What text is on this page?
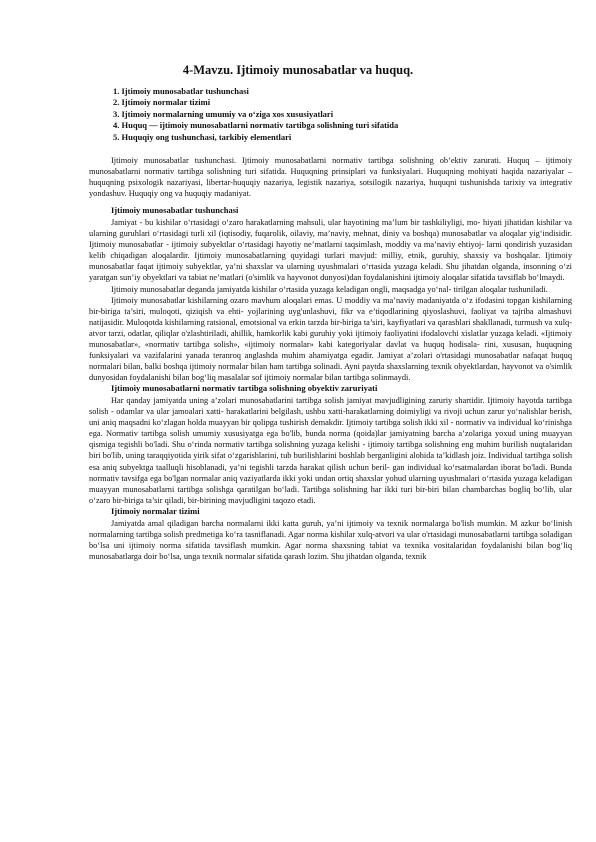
4-Mavzu. Ijtimoiy munosabatlar va huquq.
1. Ijtimoiy munosabatlar tushunchasi
2. Ijtimoiy normalar tizimi
3. Ijtimoiy normalarning umumiy va o‘ziga xos xususiyatlari
4. Huquq — ijtimoiy munosabatlarni normativ tartibga solishning turi sifatida
5. Huquqiy ong tushunchasi, tarkibiy elementlari

Ijtimoiy munosabatlar tushunchasi. Ijtimoiy munosabatlarni normativ tartibga solishning ob’ektiv zarurati. Huquq – ijtimoiy munosabatlarni normativ tartibga solishning turi sifatida. Huquqning prinsiplari va funksiyalari. Huquqning mohiyati haqida nazariyalar – huquqning psixologik nazariyasi, libertar-huquqiy nazariya, legistik nazariya, sotsilogik nazariya, huquqni tushunishda tarixiy va integrativ yondashuv. Huquqiy ong va huquqiy madaniyat.

Ijtimoiy munosabatlar tushunchasi

Jamiyat - bu kishilar o‘rtasidagi o‘zaro harakatlarning mahsuli, ular hayotining ma’lum bir tashkiliyligi, mo- hiyati jihatidan kishilar va ularning guruhlari o‘rtasidagi turli xil (iqtisodiy, fuqarolik, oilaviy, ma’naviy, mehnat, diniy va boshqa) munosabatlar va aloqalar yig‘indisidir. Ijtimoiy munosabatlar - ijtimoiy subyektlar o‘rtasidagi hayotiy ne’matlarni taqsimlash, moddiy va ma’naviy ehtiyoj- larni qondirish yuzasidan kelib chiqadigan aloqalardir. Ijtimoiy munosabatlarning quyidagi turlari mavjud: milliy, etnik, guruhiy, shaxsiy va boshqalar. Ijtimoiy munosabatlar faqat ijtimoiy subyektlar, ya’ni shaxslar va ularning uyushmalari o‘rtasida yuzaga keladi. Shu jihatdan olganda, insonning o‘zi yaratgan sun’iy obyektlari va tabiat ne’matlari (o'simlik va hayvonot dunyosi)dan foydalanishini ijtimoiy aloqalar sifatida tavsiflab bo‘lmaydi.

Ijtimoiy munosabatlar deganda jamiyatda kishilar o‘rtasida yuzaga keladigan ongli, maqsadga yo‘nal- tirilgan aloqalar tushuniladi.

Ijtimoiy munosabatlar kishilarning ozaro mavhum aloqalari emas. U moddiy va ma’naviy madaniyatda o‘z ifodasini topgan kishilarning bir-biriga ta’siri, muloqoti, qiziqish va ehti- yojlarining uyg'unlashuvi, fikr va e’tiqodlarining qiyoslashuvi, faoliyat va tajriba almashuvi natijasidir. Muloqotda kishilarning ratsional, emotsional va erkin tarzda bir-biriga ta’siri, kayfiyatlari va qarashlari shakllanadi, turmush va xulq-atvor tarzi, odatlar, qiliqlar o'zlashtiriladi, ahillik, hamkorlik kabi guruhiy yoki ijtimoiy faoliyatini ifodalovchi xislatlar yuzaga keladi. «Ijtimoiy munosabatlar», «normativ tartibga solish», «ijtimoiy normalar» kabi kategoriyalar davlat va huquq hodisala- rini, xususan, huquqning funksiyalari va vazifalarini yanada teranroq anglashda muhim ahamiyatga egadir. Jamiyat a’zolari o'rtasidagi munosabatlar nafaqat huquq normalari bilan, balki boshqa ijtimoiy normalar bilan ham tartibga solinadi. Ayni paytda shaxslarning texnik obyektlardan, hayvonot va o'simlik dunyosidan foydalanishi bilan bog‘liq masalalar sof ijtimoiy normalar bilan tartibga solinmaydi.

Ijtimoiy munosabatlarni normativ tartibga solishning obyektiv zaruriyati

Har qanday jamiyatda uning a’zolari munosabatlarini tartibga solish jamiyat mavjudligining zaruriy shartidir. Ijtimoiy hayotda tartibga solish - odamlar va ular jamoalari xatti- harakatlarini belgilash, ushbu xatti-harakatlarning doimiyligi va rivoji uchun zarur yo‘nalishlar berish, uni aniq maqsadni ko‘zlagan holda muayyan bir qolipga tushirish demakdir. Ijtimoiy tartibga solish ikki xil - normativ va individual ko‘rinishga ega. Normativ tartibga solish umumiy xususiyatga ega bo'lib, bunda norma (qoida)lar jamiyatning barcha a’zolariga yoxud uning muayyan qismiga tegishli bo'ladi. Shu o‘rinda normativ tartibga solishning yuzaga kelishi - ijtimoiy tartibga solishning eng muhim burilish nuqtalaridan biri bo'lib, uning taraqqiyotida yirik sifat o‘zgarishlarini, tub burilishlarini boshlab berganligini alohida ta’kidlash joiz. Individual tartibga solish esa aniq subyektga taalluqli hisoblanadi, ya’ni tegishli tarzda harakat qilish uchun beril- gan individual ko‘rsatmalardan iborat bo'ladi. Bunda normativ tavsifga ega bo'lgan normalar aniq vaziyatlarda ikki yoki undan ortiq shaxslar yohud ularning uyushmalari o‘rtasida yuzaga keladigan muayyan munosabatlarni tartibga solishga qaratilgan bo‘ladi. Tartibga solishning har ikki turi bir-biri bilan chambarchas bogliq bo‘lib, ular o‘zaro bir-biriga ta’sir qiladi, bir-birining mavjudligini taqozo etadi.

Ijtimoiy normalar tizimi

Jamiyatda amal qiladigan barcha normalarni ikki katta guruh, ya’ni ijtimoiy va texnik normalarga bo'lish mumkin. M azkur bo‘linish normalarning tartibga solish predmetiga ko‘ra tasniflanadi. Agar norma kishilar xulq-atvori va ular o'rtasidagi munosabatlarni tartibga soladigan bo‘lsa uni ijtimoiy norma sifatida tavsiflash mumkin. Agar norma shaxsning tabiat va texnika vositalaridan foydalanishi bilan bog‘liq munosabatlarga doir bo‘lsa, unga texnik normalar sifatida qarash lozim. Shu jihatdan olganda, texnik
